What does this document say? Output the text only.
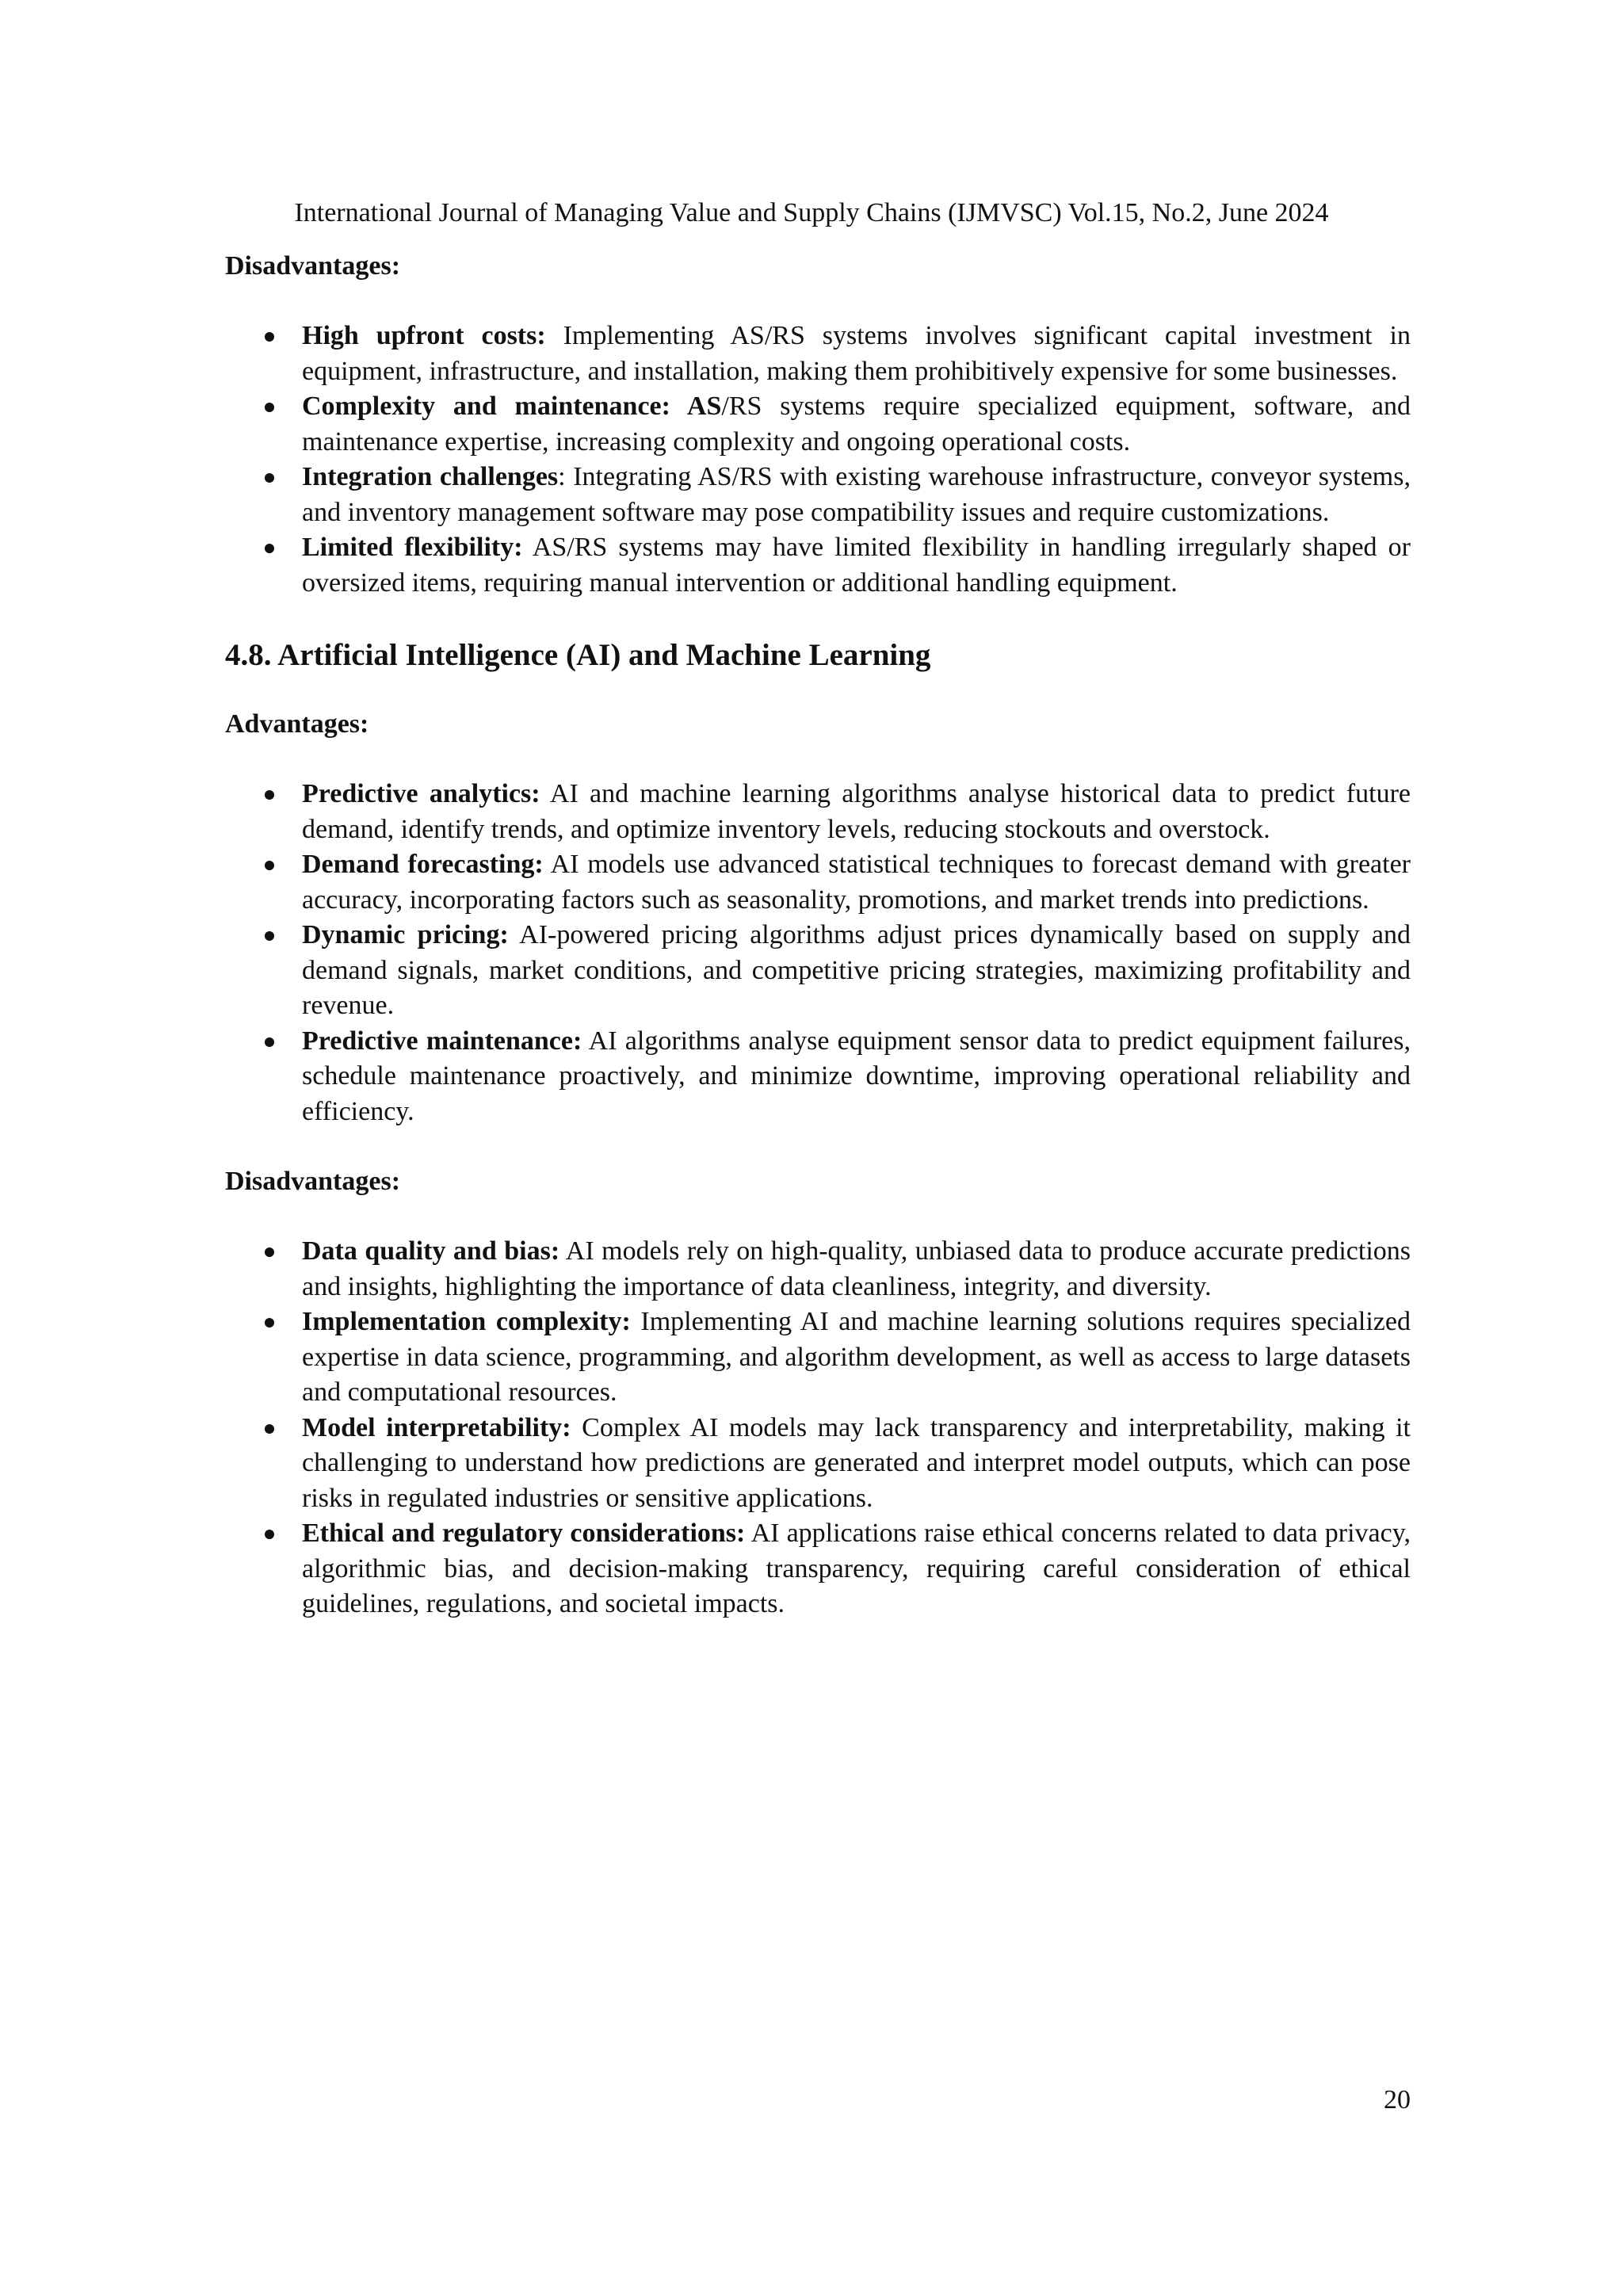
International Journal of Managing Value and Supply Chains (IJMVSC) Vol.15, No.2, June 2024

Disadvantages:

High upfront costs: Implementing AS/RS systems involves significant capital investment in equipment, infrastructure, and installation, making them prohibitively expensive for some businesses.
Complexity and maintenance: AS/RS systems require specialized equipment, software, and maintenance expertise, increasing complexity and ongoing operational costs.
Integration challenges: Integrating AS/RS with existing warehouse infrastructure, conveyor systems, and inventory management software may pose compatibility issues and require customizations.
Limited flexibility: AS/RS systems may have limited flexibility in handling irregularly shaped or oversized items, requiring manual intervention or additional handling equipment.
4.8. Artificial Intelligence (AI) and Machine Learning

Advantages:

Predictive analytics: AI and machine learning algorithms analyse historical data to predict future demand, identify trends, and optimize inventory levels, reducing stockouts and overstock.
Demand forecasting: AI models use advanced statistical techniques to forecast demand with greater accuracy, incorporating factors such as seasonality, promotions, and market trends into predictions.
Dynamic pricing: AI-powered pricing algorithms adjust prices dynamically based on supply and demand signals, market conditions, and competitive pricing strategies, maximizing profitability and revenue.
Predictive maintenance: AI algorithms analyse equipment sensor data to predict equipment failures, schedule maintenance proactively, and minimize downtime, improving operational reliability and efficiency.

Disadvantages:

Data quality and bias: AI models rely on high-quality, unbiased data to produce accurate predictions and insights, highlighting the importance of data cleanliness, integrity, and diversity.
Implementation complexity: Implementing AI and machine learning solutions requires specialized expertise in data science, programming, and algorithm development, as well as access to large datasets and computational resources.
Model interpretability: Complex AI models may lack transparency and interpretability, making it challenging to understand how predictions are generated and interpret model outputs, which can pose risks in regulated industries or sensitive applications.
Ethical and regulatory considerations: AI applications raise ethical concerns related to data privacy, algorithmic bias, and decision-making transparency, requiring careful consideration of ethical guidelines, regulations, and societal impacts.
20
